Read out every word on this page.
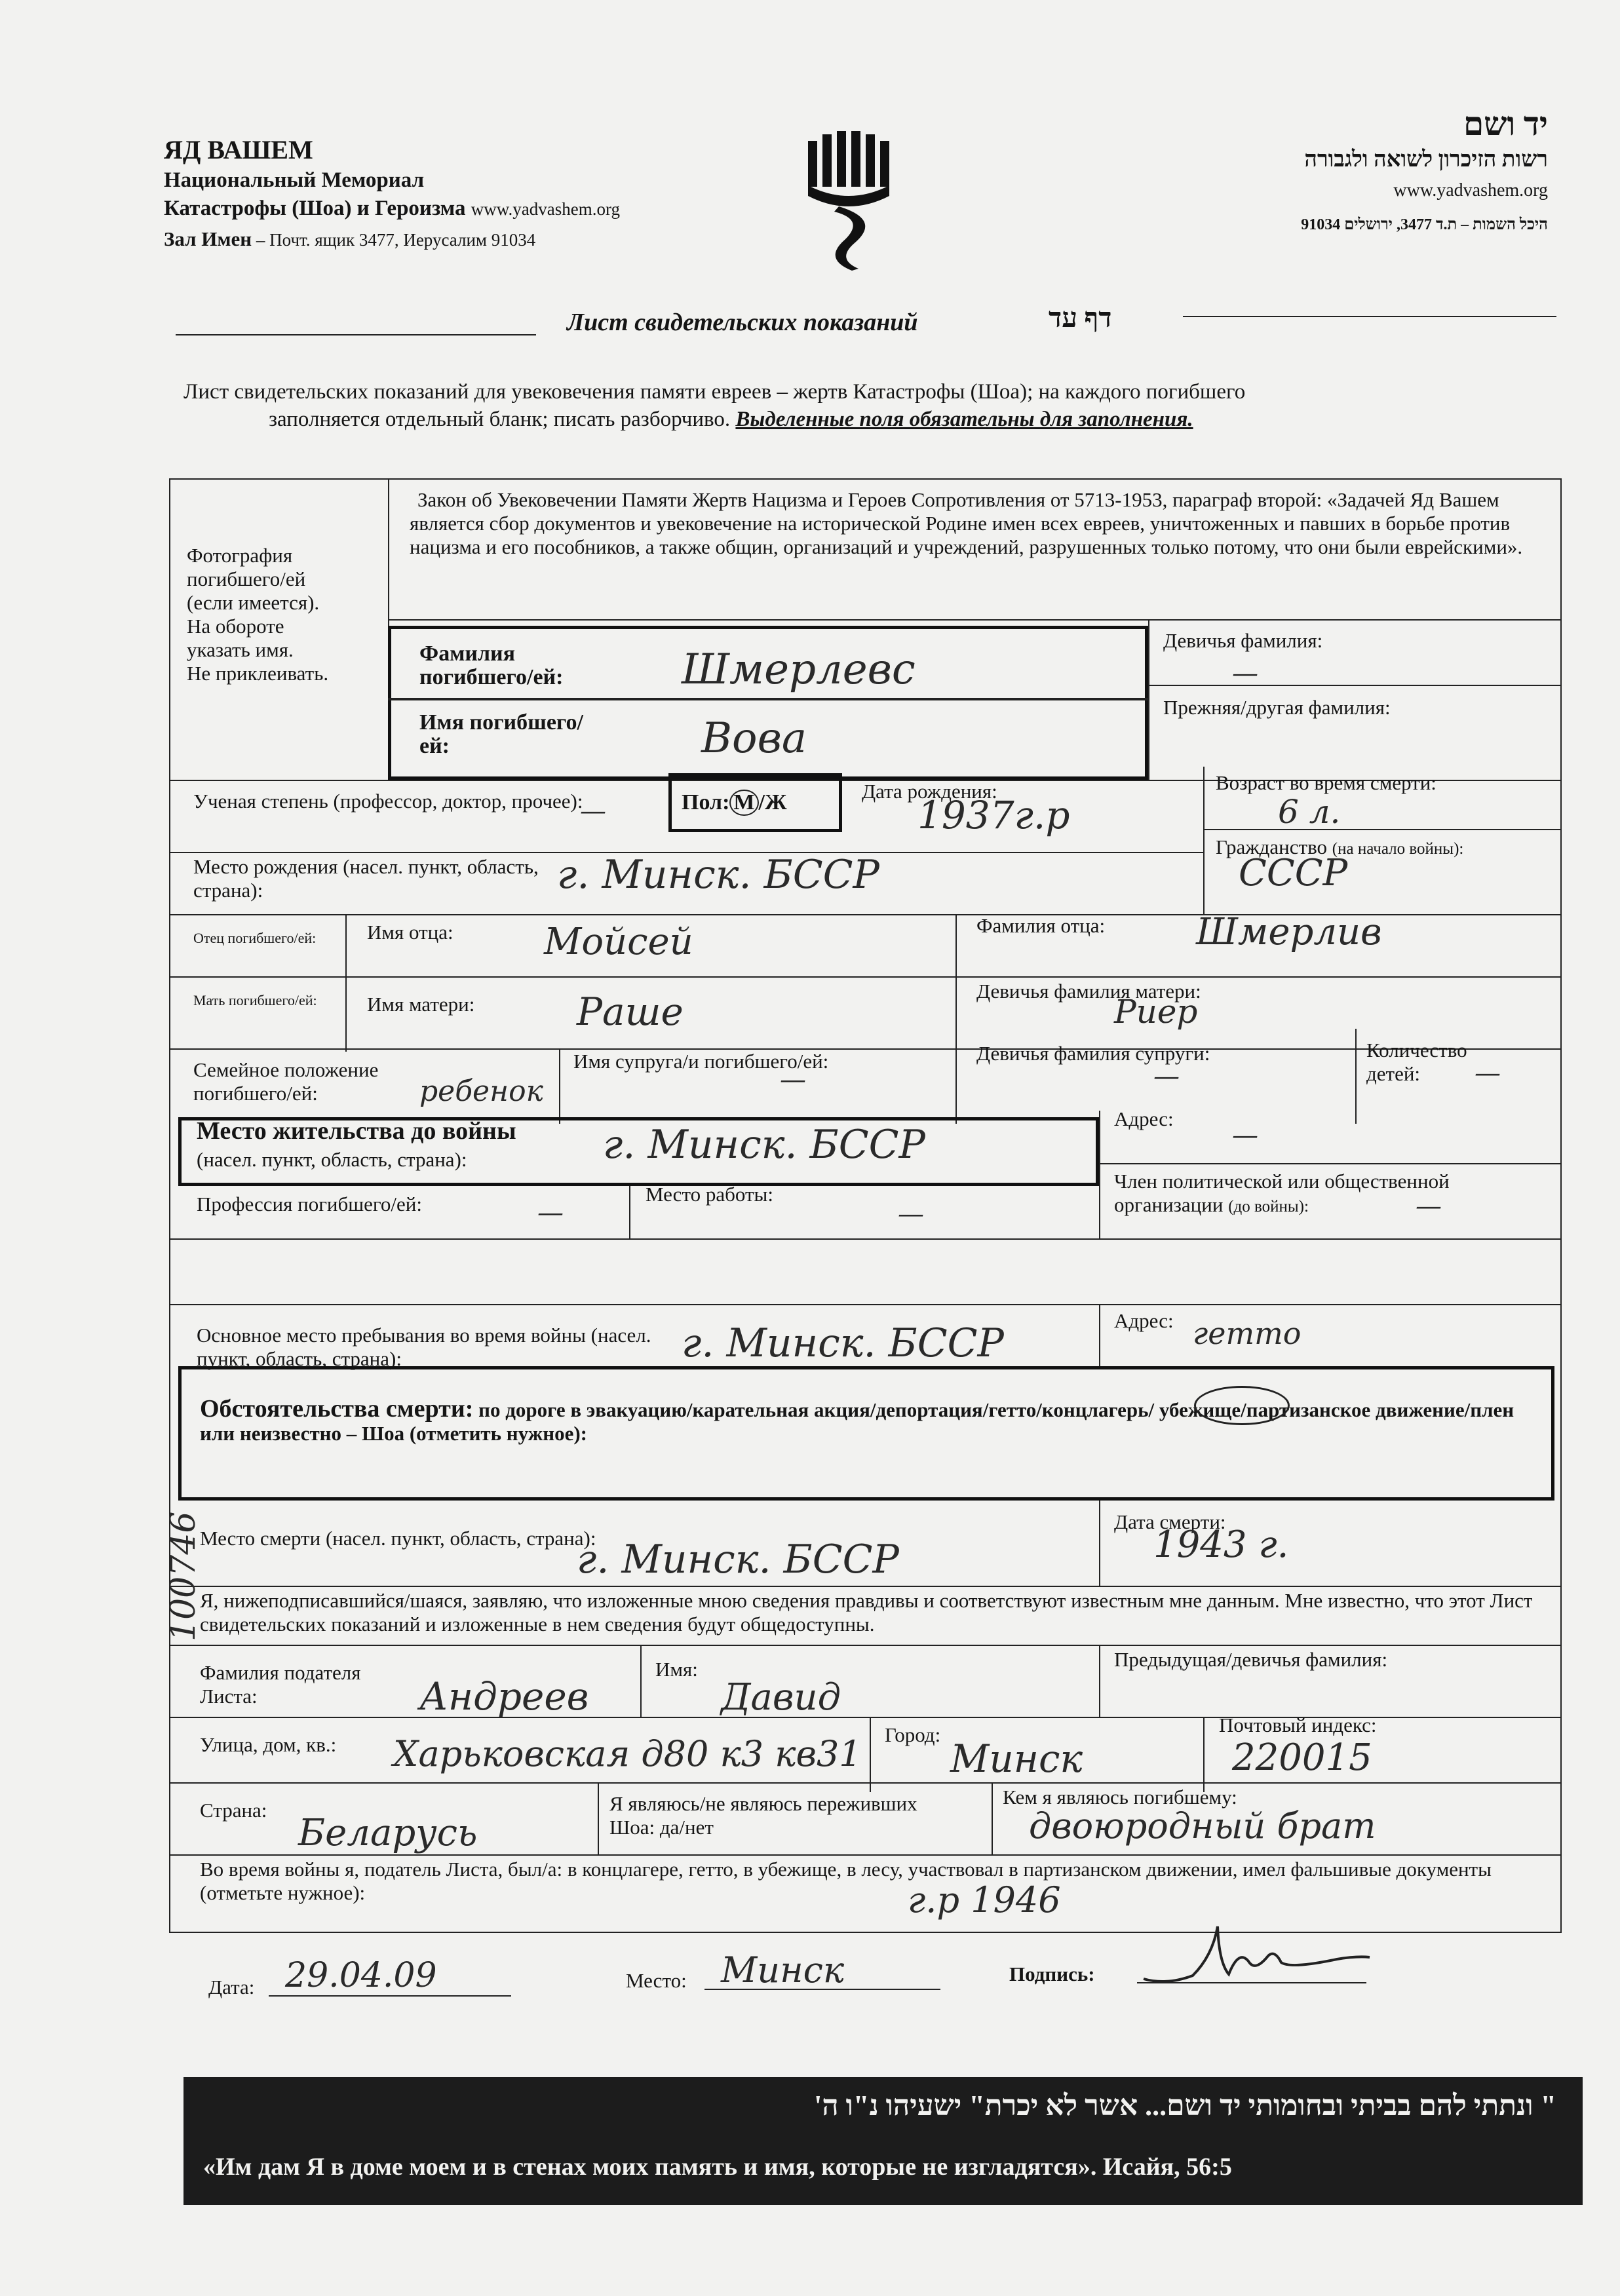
ЯД ВАШЕМ
Национальный Мемориал
Катастрофы (Шоа) и Героизма www.yadvashem.org
Зал Имен – Почт. ящик 3477, Иерусалим 91034
יד ושם
רשות הזיכרון לשואה ולגבורה
www.yadvashem.org
היכל השמות – ת.ד 3477, ירושלים 91034
Лист свидетельских показаний	דף עד
Лист свидетельских показаний для увековечения памяти евреев – жертв Катастрофы (Шоа); на каждого погибшего
заполняется отдельный бланк; писать разборчиво. Выделенные поля обязательны для заполнения.
Фотография
погибшего/ей
(если имеется).
На обороте
указать имя.
Не приклеивать.
Закон об Увековечении Памяти Жертв Нацизма и Героев Сопротивления от 5713-1953, параграф второй: «Задачей Яд Вашем является сбор документов и увековечение на исторической Родине имен всех евреев, уничтоженных и павших в борьбе против нацизма и его пособников, а также общин, организаций и учреждений, разрушенных только потому, что они были еврейскими».
Фамилия погибшего/ей:	Шмерлевс
Имя погибшего/ей:	Вова
Девичья фамилия:
—
Прежняя/другая фамилия:
Ученая степень (профессор, доктор, прочее):
—	Пол: М /Ж	Дата рождения:
1937г.р
Возраст во время смерти:
6 л.
Место рождения (насел. пункт, область, страна):	г. Минск. БССР
Гражданство (на начало войны):
СССР
Отец погибшего/ей:	Имя отца: Мойсей	Фамилия отца: Шмерлив
Мать погибшего/ей:	Имя матери:	Раше	Девичья фамилия матери:
Риер
Семейное положение погибшего/ей:	ребенок
Имя супруга/и погибшего/ей:
—
Девичья фамилия супруги:
—
Количество детей:	—
Место жительства до войны
(насел. пункт, область, страна):	г. Минск. БССР
Адрес:
—
Профессия погибшего/ей:	—
Место работы:
—
Член политической или общественной организации (до войны):	—
Основное место пребывания во время войны (насел. пункт, область, страна):	г. Минск. БССР	Адрес: гетто
Обстоятельства смерти: по дороге в эвакуацию/карательная акция/депортация/гетто/концлагерь/ убежище/партизанское движение/плен или неизвестно – Шоа (отметить нужное):
Место смерти (насел. пункт, область, страна):
г. Минск. БССР
Дата смерти:
1943 г.
Я, нижеподписавшийся/шаяся, заявляю, что изложенные мною сведения правдивы и соответствуют известным мне данным. Мне известно, что этот Лист свидетельских показаний и изложенные в нем сведения будут общедоступны.
Фамилия подателя Листа:	Андреев
Имя:
Давид
Предыдущая/девичья фамилия:
Улица, дом, кв.: Харьковская д80 к3 кв31 Город:
Минск
Почтовый индекс:
220015
Страна:
Беларусь
Я являюсь/не являюсь переживших Шоа: да/нет
Кем я являюсь погибшему:
двоюродный брат
Во время войны я, податель Листа, был/а: в концлагере, гетто, в убежище, в лесу, участвовал в партизанском движении, имел фальшивые документы (отметьте нужное):	г.р 1946
Дата: 29.04.09	Место: Минск	Подпись:
" ונתתי להם בביתי ובחומותי יד ושם... אשר לא יכרת" ישעיהו נ"ו ה'
«Им дам Я в доме моем и в стенах моих память и имя, которые не изгладятся». Исайя, 56:5
100746
